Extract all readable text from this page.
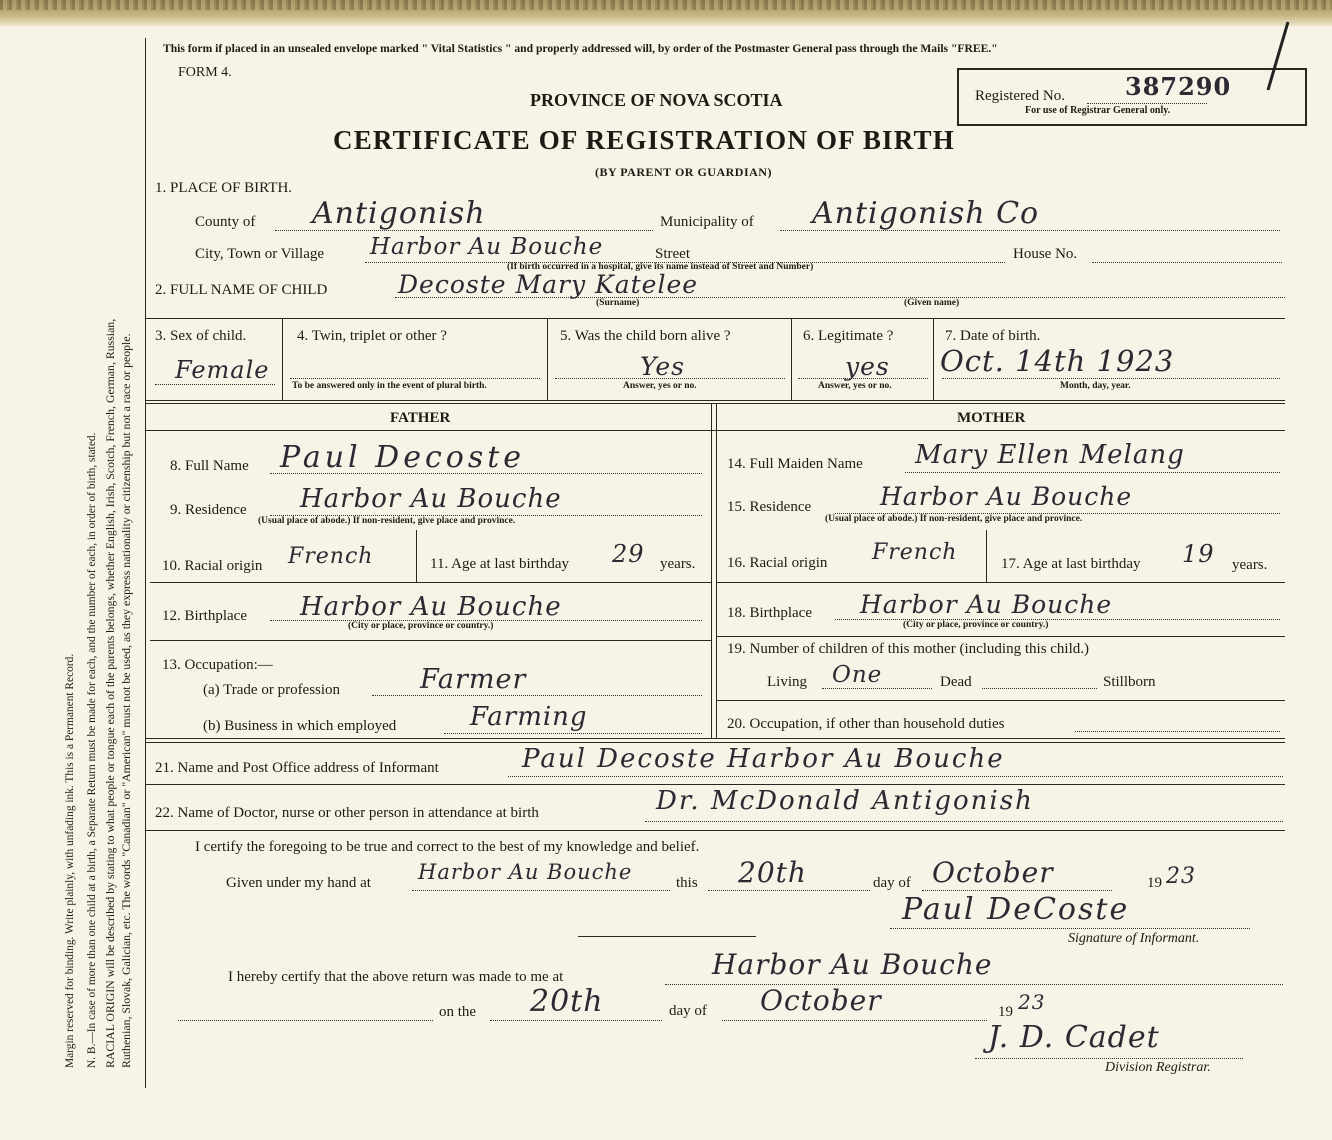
Margin reserved for binding. Write plainly, with unfading ink. This is a Permanent Record. N. B.—In case of more than one child at a birth, a Separate Return must be made for each, and the number of each, in order of birth, stated. RACIAL ORIGIN will be described by stating to what people or tongue each of the parents belongs, whether English, Irish, Scotch, French, German, Russian, Ruthenian, Slovak, Galician, etc. The words "Canadian" or "American" must not be used, as they express nationality or citizenship but not a race or people.
This form if placed in an unsealed envelope marked " Vital Statistics " and properly addressed will, by order of the Postmaster General pass through the Mails "FREE."
FORM 4.
PROVINCE OF NOVA SCOTIA
CERTIFICATE OF REGISTRATION OF BIRTH
(BY PARENT OR GUARDIAN)
Registered No.	387290
For use of Registrar General only.
1. PLACE OF BIRTH.
County of Antigonish	Municipality of Antigonish Co
City, Town or Village Harbor Au Bouche	Street
(If birth occurred in a hospital, give its name instead of Street and Number)
House No.
2. FULL NAME OF CHILD	Decoste Mary Katelee
(Surname)	(Given name)
3. Sex of child.
Female
4. Twin, triplet or other ?
To be answered only in the event of plural birth.
5. Was the child born alive ?
Yes
Answer, yes or no.
6. Legitimate ?
yes
Answer, yes or no.
7. Date of birth.
Oct. 14th 1923
Month, day, year.
FATHER	MOTHER
8. Full Name Paul Decoste
9. Residence Harbor Au Bouche
(Usual place of abode.) If non-resident, give place and province.
10. Racial origin French	11. Age at last birthday 29 years.
12. Birthplace Harbor Au Bouche
(City or place, province or country.)
13. Occupation:—
(a) Trade or profession	Farmer
(b) Business in which employed	Farming
14. Full Maiden Name Mary Ellen Melang
15. Residence	Harbor Au Bouche
(Usual place of abode.) If non-resident, give place and province.
16. Racial origin French	17. Age at last birthday 19 years.
18. Birthplace Harbor Au Bouche
(City or place, province or country.)
19. Number of children of this mother (including this child.)
Living One	Dead	Stillborn
20. Occupation, if other than household duties
21. Name and Post Office address of Informant	Paul Decoste Harbor Au Bouche
22. Name of Doctor, nurse or other person in attendance at birth	Dr. McDonald Antigonish
I certify the foregoing to be true and correct to the best of my knowledge and belief.
Given under my hand at Harbor Au Bouche	this 20th	day of October	19 23
Paul DeCoste
Signature of Informant.
I hereby certify that the above return was made to me at	Harbor Au Bouche
on the 20th	day of October	19 23
J. D. Cadet
Division Registrar.
